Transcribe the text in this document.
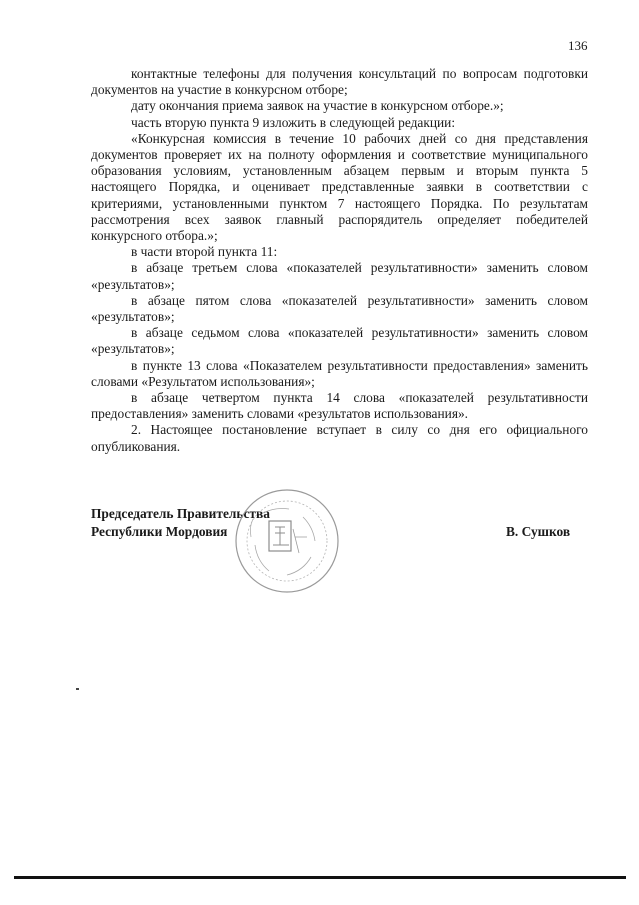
136

контактные телефоны для получения консультаций по вопросам подготовки документов на участие в конкурсном отборе;

дату окончания приема заявок на участие в конкурсном отборе.»;

часть вторую пункта 9 изложить в следующей редакции:

«Конкурсная комиссия в течение 10 рабочих дней со дня представления документов проверяет их на полноту оформления и соответствие муниципального образования условиям, установленным абзацем первым и вторым пункта 5 настоящего Порядка, и оценивает представленные заявки в соответствии с критериями, установленными пунктом 7 настоящего Порядка. По результатам рассмотрения всех заявок главный распорядитель определяет победителей конкурсного отбора.»;

в части второй пункта 11:

в абзаце третьем слова «показателей результативности» заменить словом «результатов»;

в абзаце пятом слова «показателей результативности» заменить словом «результатов»;

в абзаце седьмом слова «показателей результативности» заменить словом «результатов»;

в пункте 13 слова «Показателем результативности предоставления» заменить словами «Результатом использования»;

в абзаце четвертом пункта 14 слова «показателей результативности предоставления» заменить словами «результатов использования».

2. Настоящее постановление вступает в силу со дня его официального опубликования.

Председатель Правительства
Республики Мордовия	В. Сушков
